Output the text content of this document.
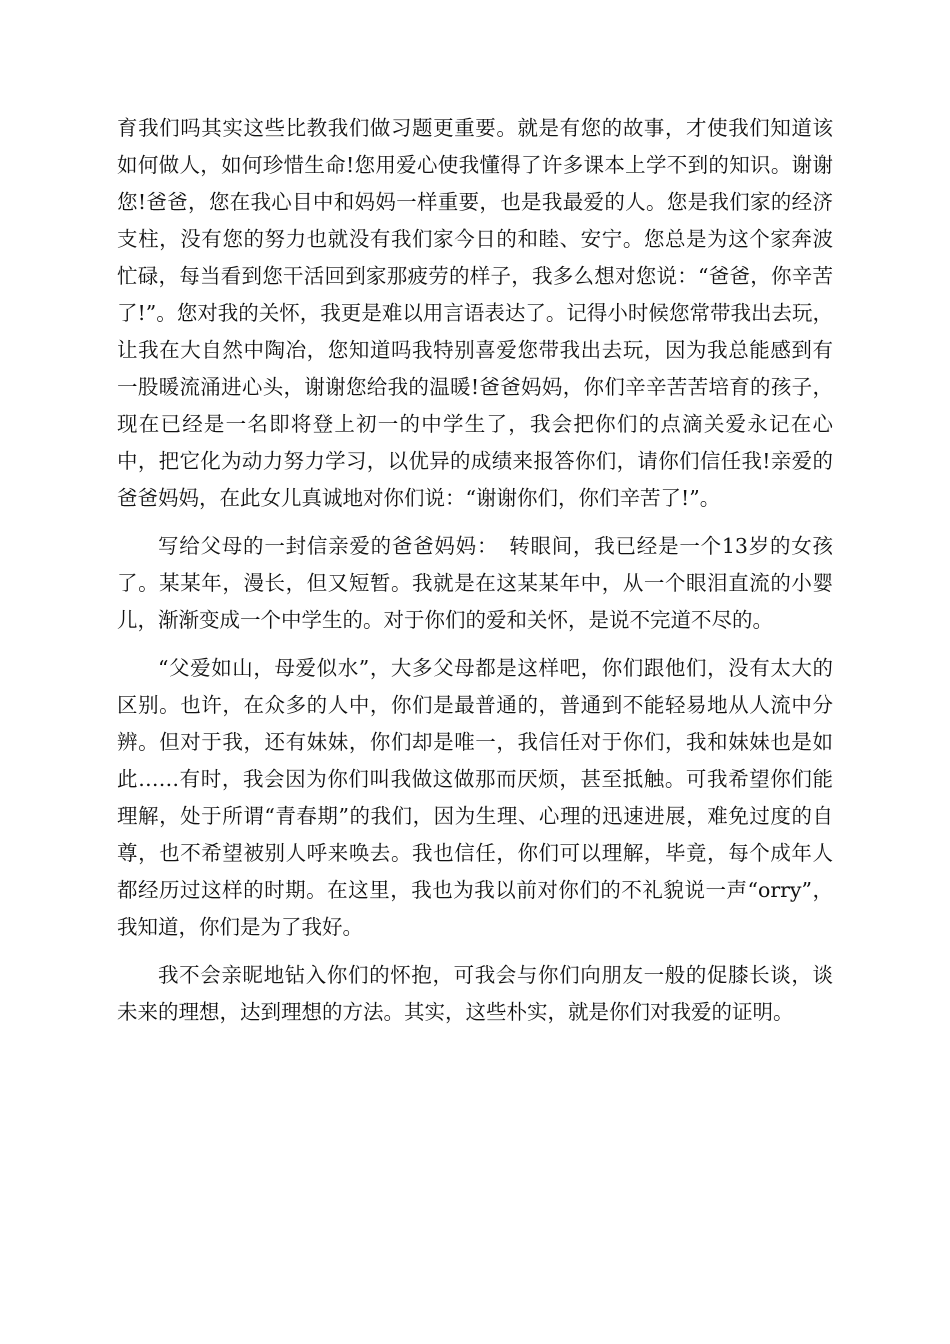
育我们吗其实这些比教我们做习题更重要。就是有您的故事，才使我们知道该如何做人，如何珍惜生命!您用爱心使我懂得了许多课本上学不到的知识。谢谢您!爸爸，您在我心目中和妈妈一样重要，也是我最爱的人。您是我们家的经济支柱，没有您的努力也就没有我们家今日的和睦、安宁。您总是为这个家奔波忙碌，每当看到您干活回到家那疲劳的样子，我多么想对您说：“爸爸，你辛苦了!”。您对我的关怀，我更是难以用言语表达了。记得小时候您常带我出去玩，让我在大自然中陶冶，您知道吗我特别喜爱您带我出去玩，因为我总能感到有一股暖流涌进心头，谢谢您给我的温暖!爸爸妈妈，你们辛辛苦苦培育的孩子，现在已经是一名即将登上初一的中学生了，我会把你们的点滴关爱永记在心中，把它化为动力努力学习，以优异的成绩来报答你们，请你们信任我!亲爱的爸爸妈妈，在此女儿真诚地对你们说：“谢谢你们，你们辛苦了!”。

写给父母的一封信亲爱的爸爸妈妈：　转眼间，我已经是一个13岁的女孩了。某某年，漫长，但又短暂。我就是在这某某年中，从一个眼泪直流的小婴儿，渐渐变成一个中学生的。对于你们的爱和关怀，是说不完道不尽的。

“父爱如山，母爱似水”，大多父母都是这样吧，你们跟他们，没有太大的区别。也许，在众多的人中，你们是最普通的，普通到不能轻易地从人流中分辨。但对于我，还有妹妹，你们却是唯一，我信任对于你们，我和妹妹也是如此……有时，我会因为你们叫我做这做那而厌烦，甚至抵触。可我希望你们能理解，处于所谓“青春期”的我们，因为生理、心理的迅速进展，难免过度的自尊，也不希望被别人呼来唤去。我也信任，你们可以理解，毕竟，每个成年人都经历过这样的时期。在这里，我也为我以前对你们的不礼貌说一声“orry”，我知道，你们是为了我好。

我不会亲昵地钻入你们的怀抱，可我会与你们向朋友一般的促膝长谈，谈未来的理想，达到理想的方法。其实，这些朴实，就是你们对我爱的证明。
